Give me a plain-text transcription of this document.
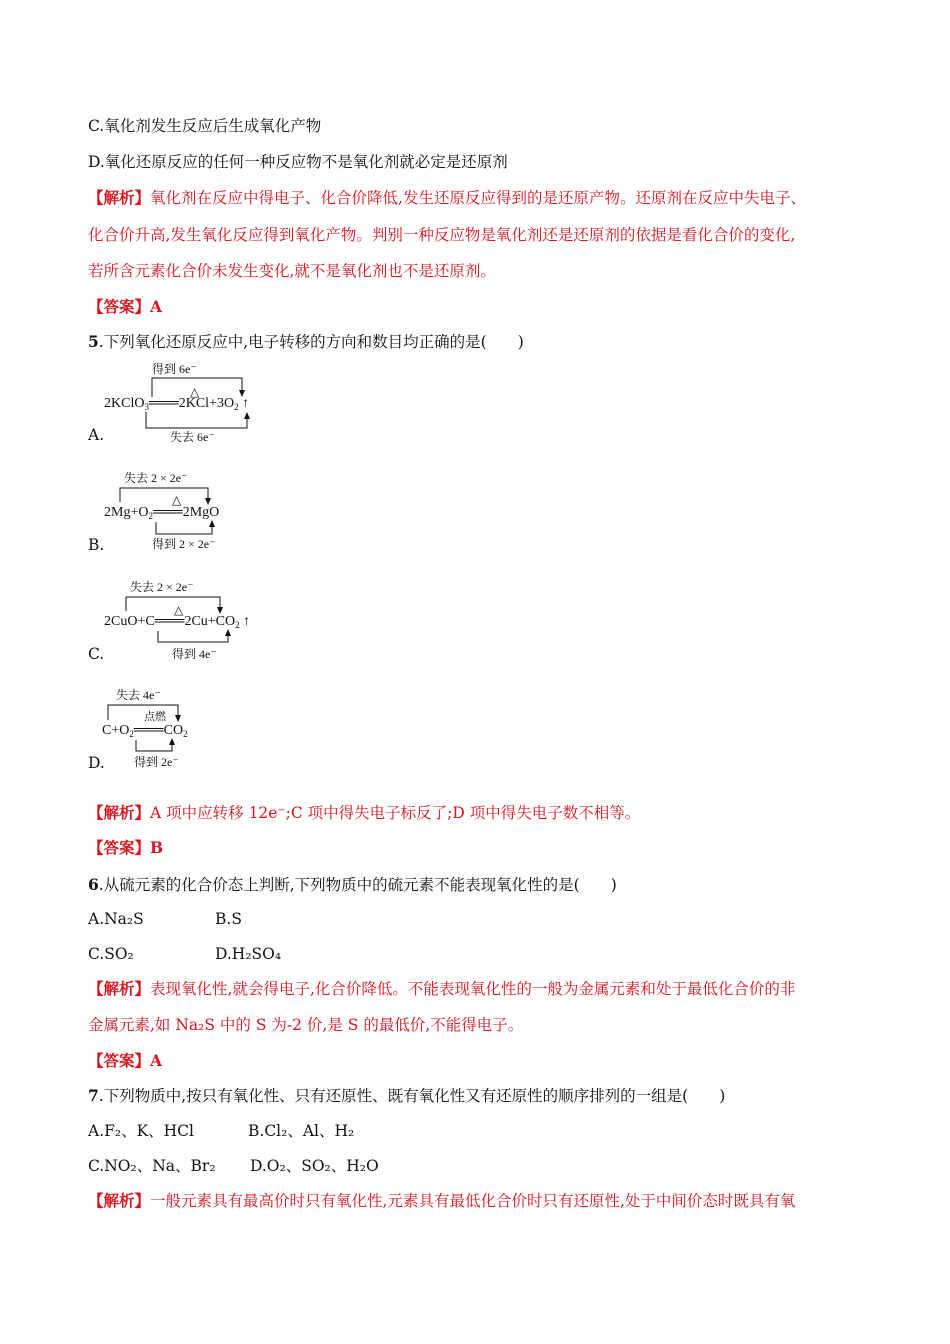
C.氧化剂发生反应后生成氧化产物
D.氧化还原反应的任何一种反应物不是氧化剂就必定是还原剂
【解析】氧化剂在反应中得电子、化合价降低,发生还原反应得到的是还原产物。还原剂在反应中失电子、
化合价升高,发生氧化反应得到氧化产物。判别一种反应物是氧化剂还是还原剂的依据是看化合价的变化,
若所含元素化合价未发生变化,就不是氧化剂也不是还原剂。
【答案】A
5.下列氧化还原反应中,电子转移的方向和数目均正确的是(　　)
得到 6e⁻
$2KClO_3═══2KCl+3O_2$ ↑
△
失去 6e⁻
A.
失去 2 × 2e⁻
$2Mg+O_2═══2MgO$
△
得到 2 × 2e⁻
B.
失去 2 × 2e⁻
$2CuO+C═══2Cu+CO_2$ ↑
△
得到 4e⁻
C.
失去 4e⁻
$C+O_2═══CO_2$
点燃
得到 2e⁻
D.
【解析】A 项中应转移 12e⁻;C 项中得失电子标反了;D 项中得失电子数不相等。
【答案】B
6.从硫元素的化合价态上判断,下列物质中的硫元素不能表现氧化性的是(　　)
A.Na₂S	B.S
C.SO₂	D.H₂SO₄
【解析】表现氧化性,就会得电子,化合价降低。不能表现氧化性的一般为金属元素和处于最低化合价的非
金属元素,如 Na₂S 中的 S 为-2 价,是 S 的最低价,不能得电子。
【答案】A
7.下列物质中,按只有氧化性、只有还原性、既有氧化性又有还原性的顺序排列的一组是(　　)
A.F₂、K、HCl	B.Cl₂、Al、H₂
C.NO₂、Na、Br₂ D.O₂、SO₂、H₂O
【解析】一般元素具有最高价时只有氧化性,元素具有最低化合价时只有还原性,处于中间价态时既具有氧
